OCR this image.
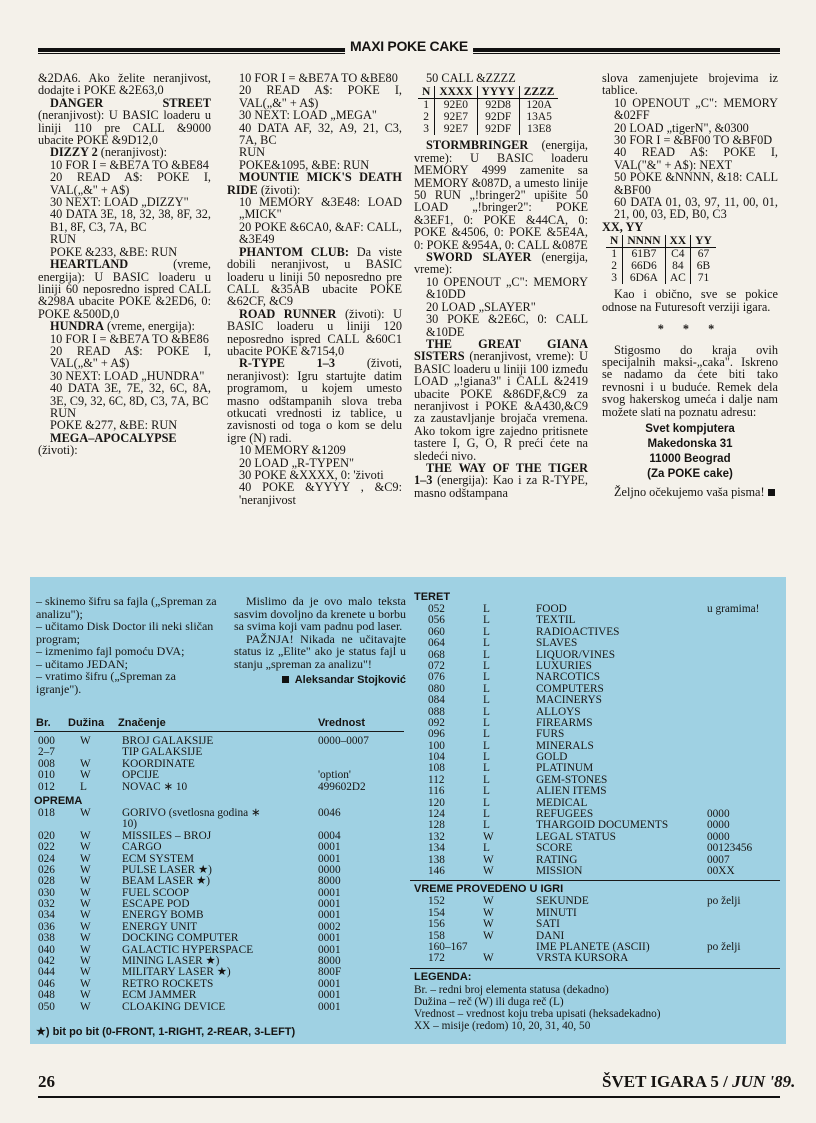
MAXI POKE CAKE

&2DA6. Ako želite neranjivost, dodajte i POKE &2E63,0

DANGER STREET (neranjivost): U BASIC loaderu u liniji 110 pre CALL &9000 ubacite POKE &9D12,0

DIZZY 2 (neranjivost):

10 FOR I = &BE7A TO &BE84

20 READ A$: POKE I, VAL(„&" + A$)

30 NEXT: LOAD „DIZZY"

40 DATA 3E, 18, 32, 38, 8F, 32, B1, 8F, C3, 7A, BC

RUN

POKE &233, &BE: RUN

HEARTLAND (vreme, energija): U BASIC loaderu u liniji 60 neposredno ispred CALL &298A ubacite POKE &2ED6, 0: POKE &500D,0

HUNDRA (vreme, energija):

10 FOR I = &BE7A TO &BE86

20 READ A$: POKE I, VAL(„&" + A$)

30 NEXT: LOAD „HUNDRA"

40 DATA 3E, 7E, 32, 6C, 8A, 3E, C9, 32, 6C, 8D, C3, 7A, BC

RUN

POKE &277, &BE: RUN

MEGA–APOCALYPSE (životi):

10 FOR I = &BE7A TO &BE80

20 READ A$: POKE I, VAL(„&" + A$)

30 NEXT: LOAD „MEGA"

40 DATA AF, 32, A9, 21, C3, 7A, BC

RUN

POKE&1095, &BE: RUN

MOUNTIE MICK'S DEATH RIDE (životi):

10 MEMORY &3E48: LOAD „MICK"

20 POKE &6CA0, &AF: CALL, &3E49

PHANTOM CLUB: Da viste dobili neranjivost, u BASIC loaderu u liniji 50 neposredno pre CALL &35AB ubacite POKE &62CF, &C9

ROAD RUNNER (životi): U BASIC loaderu u liniji 120 neposredno ispred CALL &60C1 ubacite POKE &7154,0

R-TYPE 1–3 (životi, neranjivost): Igru startujte datim programom, u kojem umesto masno odštampanih slova treba otkucati vrednosti iz tablice, u zavisnosti od toga o kom se delu igre (N) radi.

10 MEMORY &1209

20 LOAD „R-TYPEN"

30 POKE &XXXX, 0: 'životi

40 POKE &YYYY , &C9: 'neranjivost

50 CALL &ZZZZ

N	XXXX	YYYY	ZZZZ
1	92E0	92D8	120A
2	92E7	92DF	13A5
3	92E7	92DF	13E8

STORMBRINGER (energija, vreme): U BASIC loaderu MEMORY 4999 zamenite sa MEMORY &087D, a umesto linije 50 RUN „!bringer2" upišite 50 LOAD „!bringer2": POKE &3EF1, 0: POKE &44CA, 0: POKE &4506, 0: POKE &5E4A, 0: POKE &954A, 0: CALL &087E

SWORD SLAYER (energija, vreme):

10 OPENOUT „C": MEMORY &10DD

20 LOAD „SLAYER"

30 POKE &2E6C, 0: CALL &10DE

THE GREAT GIANA SISTERS (neranjivost, vreme): U BASIC loaderu u liniji 100 između LOAD „!giana3" i CALL &2419 ubacite POKE &86DF,&C9 za neranjivost i POKE &A430,&C9 za zaustavljanje brojača vremena. Ako tokom igre zajedno pritisnete tastere I, G, O, R preći ćete na sledeći nivo.

THE WAY OF THE TIGER 1–3 (energija): Kao i za R-TYPE, masno odštampana

slova zamenjujete brojevima iz tablice.

10 OPENOUT „C": MEMORY &02FF

20 LOAD „tigerN", &0300

30 FOR I = &BF00 TO &BF0D

40 READ A$: POKE I, VAL("&" + A$): NEXT

50 POKE &NNNN, &18: CALL &BF00

60 DATA 01, 03, 97, 11, 00, 01, 21, 00, 03, ED, B0, C3

XX, YY

N	NNNN	XX	YY
1	61B7	C4	67
2	66D6	84	6B
3	6D6A	AC	71

Kao i obično, sve se pokice odnose na Futuresoft verziji igara.

* * *

Stigosmo do kraja ovih specijalnih maksi-„caka". Iskreno se nadamo da ćete biti tako revnosni i u buduće. Remek dela svog hakerskog umeća i dalje nam možete slati na poznatu adresu:

Svet kompjutera
Makedonska 31
11000 Beograd
(Za POKE cake)

Željno očekujemo vaša pisma!

– skinemo šifru sa fajla („Spreman za analizu");

– učitamo Disk Doctor ili neki sličan program;

– izmenimo fajl pomoću DVA;

– učitamo JEDAN;

– vratimo šifru („Spreman za igranje").

Mislimo da je ovo malo teksta sasvim dovoljno da krenete u borbu sa svima koji vam padnu pod laser.

PAŽNJA! Nikada ne učitavajte status iz „Elite" ako je status fajl u stanju „spreman za analizu"!

Aleksandar Stojković

Br. Dužina Značenje	Vrednost
000 W	BROJ GALAKSIJE	0000–0007
2–7	TIP GALAKSIJE
008 W	KOORDINATE
010 W	OPCIJE	'option'
012 L	NOVAC ∗ 10	499602D2
OPREMA
018 W	GORIVO (svetlosna godina ∗	0046
10)
020 W	MISSILES – BROJ	0004
022 W	CARGO	0001
024 W	ECM SYSTEM	0001
026 W	PULSE LASER ★)	0000
028 W	BEAM LASER ★)	8000
030 W	FUEL SCOOP	0001
032 W	ESCAPE POD	0001
034 W	ENERGY BOMB	0001
036 W	ENERGY UNIT	0002
038 W	DOCKING COMPUTER	0001
040 W	GALACTIC HYPERSPACE	0001
042 W	MINING LASER ★)	8000
044 W	MILITARY LASER ★)	800F
046 W	RETRO ROCKETS	0001
048 W	ECM JAMMER	0001
050 W	CLOAKING DEVICE	0001
★) bit po bit (0-FRONT, 1-RIGHT, 2-REAR, 3-LEFT)
TERET
052	L	FOOD	u gramima!
056	L	TEXTIL
060	L	RADIOACTIVES
064	L	SLAVES
068	L	LIQUOR/VINES
072	L	LUXURIES
076	L	NARCOTICS
080	L	COMPUTERS
084	L	MACINERYS
088	L	ALLOYS
092	L	FIREARMS
096	L	FURS
100	L	MINERALS
104	L	GOLD
108	L	PLATINUM
112	L	GEM-STONES
116	L	ALIEN ITEMS
120	L	MEDICAL
124	L	REFUGEES	0000
128	L	THARGOID DOCUMENTS	0000
132	W	LEGAL STATUS	0000
134	L	SCORE	00123456
138	W	RATING	0007
146	W	MISSION	00XX
VREME PROVEDENO U IGRI
152	W	SEKUNDE	po želji
154	W	MINUTI
156	W	SATI
158	W	DANI
160–167	IME PLANETE (ASCII)	po želji
172	W	VRSTA KURSORA
LEGENDA:
Br. – redni broj elementa statusa (dekadno)
Dužina – reč (W) ili duga reč (L)
Vrednost – vrednost koju treba upisati (heksadekadno)
XX – misije (redom) 10, 20, 31, 40, 50
26	ŠVET IGARA 5 / JUN '89.
